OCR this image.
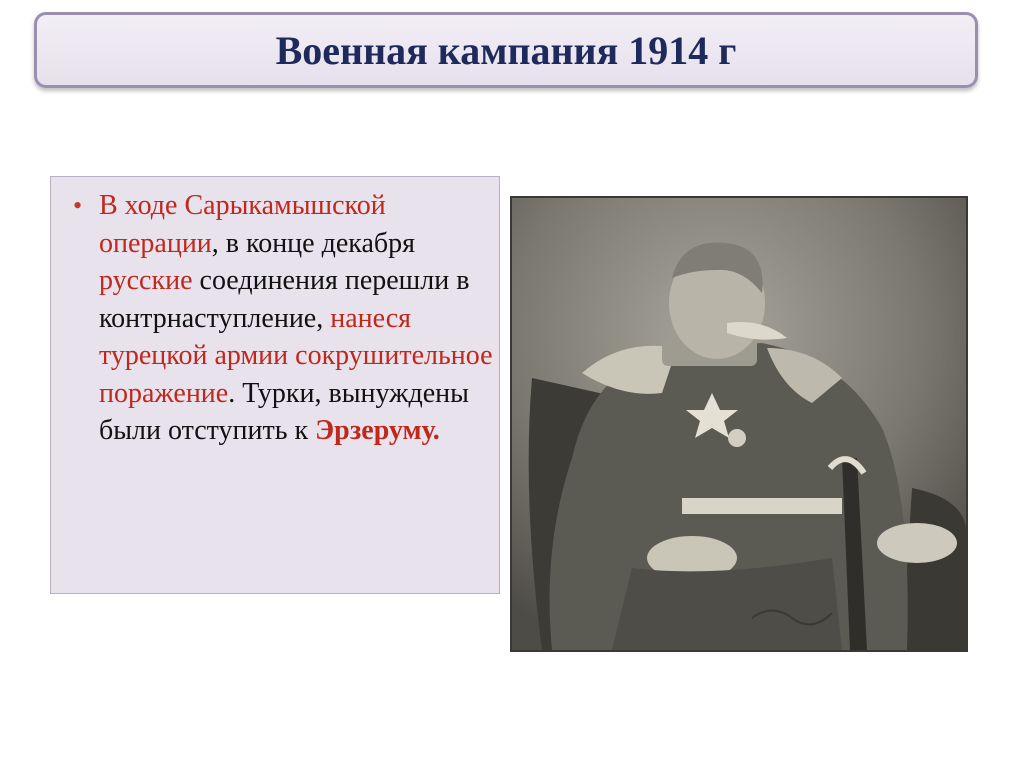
Военная кампания 1914 г
• В ходе Сарыкамышской операции, в конце декабря русские соединения перешли в контрнаступление, нанеся турецкой армии сокрушительное поражение. Турки, вынуждены были отступить к Эрзеруму.
